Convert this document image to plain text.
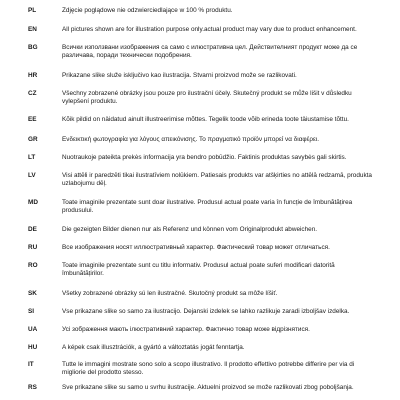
PL	Zdjęcie poglądowe nie odzwierciedlające w 100 % produktu.
EN	All pictures shown are for illustration purpose only.actual product may vary due to product enhancement.
BG	Всички използвани изображения са само с илюстративна цел. Действителният продукт може да се различава, поради технически подобрения.
HR	Prikazane slike služe isključivo kao ilustracija. Stvarni proizvod može se razlikovati.
CZ	Všechny zobrazené obrázky jsou pouze pro ilustrační účely. Skutečný produkt se může lišit v důsledku vylepšení produktu.
EE	Kõik pildid on näidatud ainult illustreerimise mõttes. Tegelik toode võib erineda toote täiustamise tõttu.
GR	Ενδεικτική φωτογραφία για λόγους απεικόνισης. Το πραγματικό προϊόν μπορεί να διαφέρει.
LT	Nuotraukoje pateikta prekės informacija yra bendro pobūdžio. Faktinis produktas savybės gali skirtis.
LV	Visi attēli ir paredzēti tikai ilustratīviem nolūkiem. Patiesais produkts var atšķirties no attēlā redzamā, produkta uzlabojumu dēļ.
MD	Toate imaginile prezentate sunt doar ilustrative. Produsul actual poate varia în funcție de îmbunătățirea produsului.
DE	Die gezeigten Bilder dienen nur als Referenz und können vom Originalprodukt abweichen.
RU	Все изображения носят иллюстративный характер. Фактический товар может отличаться.
RO	Toate imaginile prezentate sunt cu titlu informativ. Produsul actual poate suferi modificari datorită îmbunătățirilor.
SK	Všetky zobrazené obrázky sú len ilustračné. Skutočný produkt sa môže líšiť.
SI	Vse prikazane slike so samo za ilustracijo. Dejanski izdelek se lahko razlikuje zaradi izboljšav izdelka.
UA	Усі зображення мають ілюстративний характер. Фактично товар може відрізнятися.
HU	A képek csak illusztrációk, a gyártó a változtatás jogát fenntartja.
IT	Tutte le immagini mostrate sono solo a scopo illustrativo. Il prodotto effettivo potrebbe differire per via di migliorie del prodotto stesso.
RS	Sve prikazane slike su samo u svrhu ilustracije. Aktuelni proizvod se može razlikovati zbog poboljšanja.
